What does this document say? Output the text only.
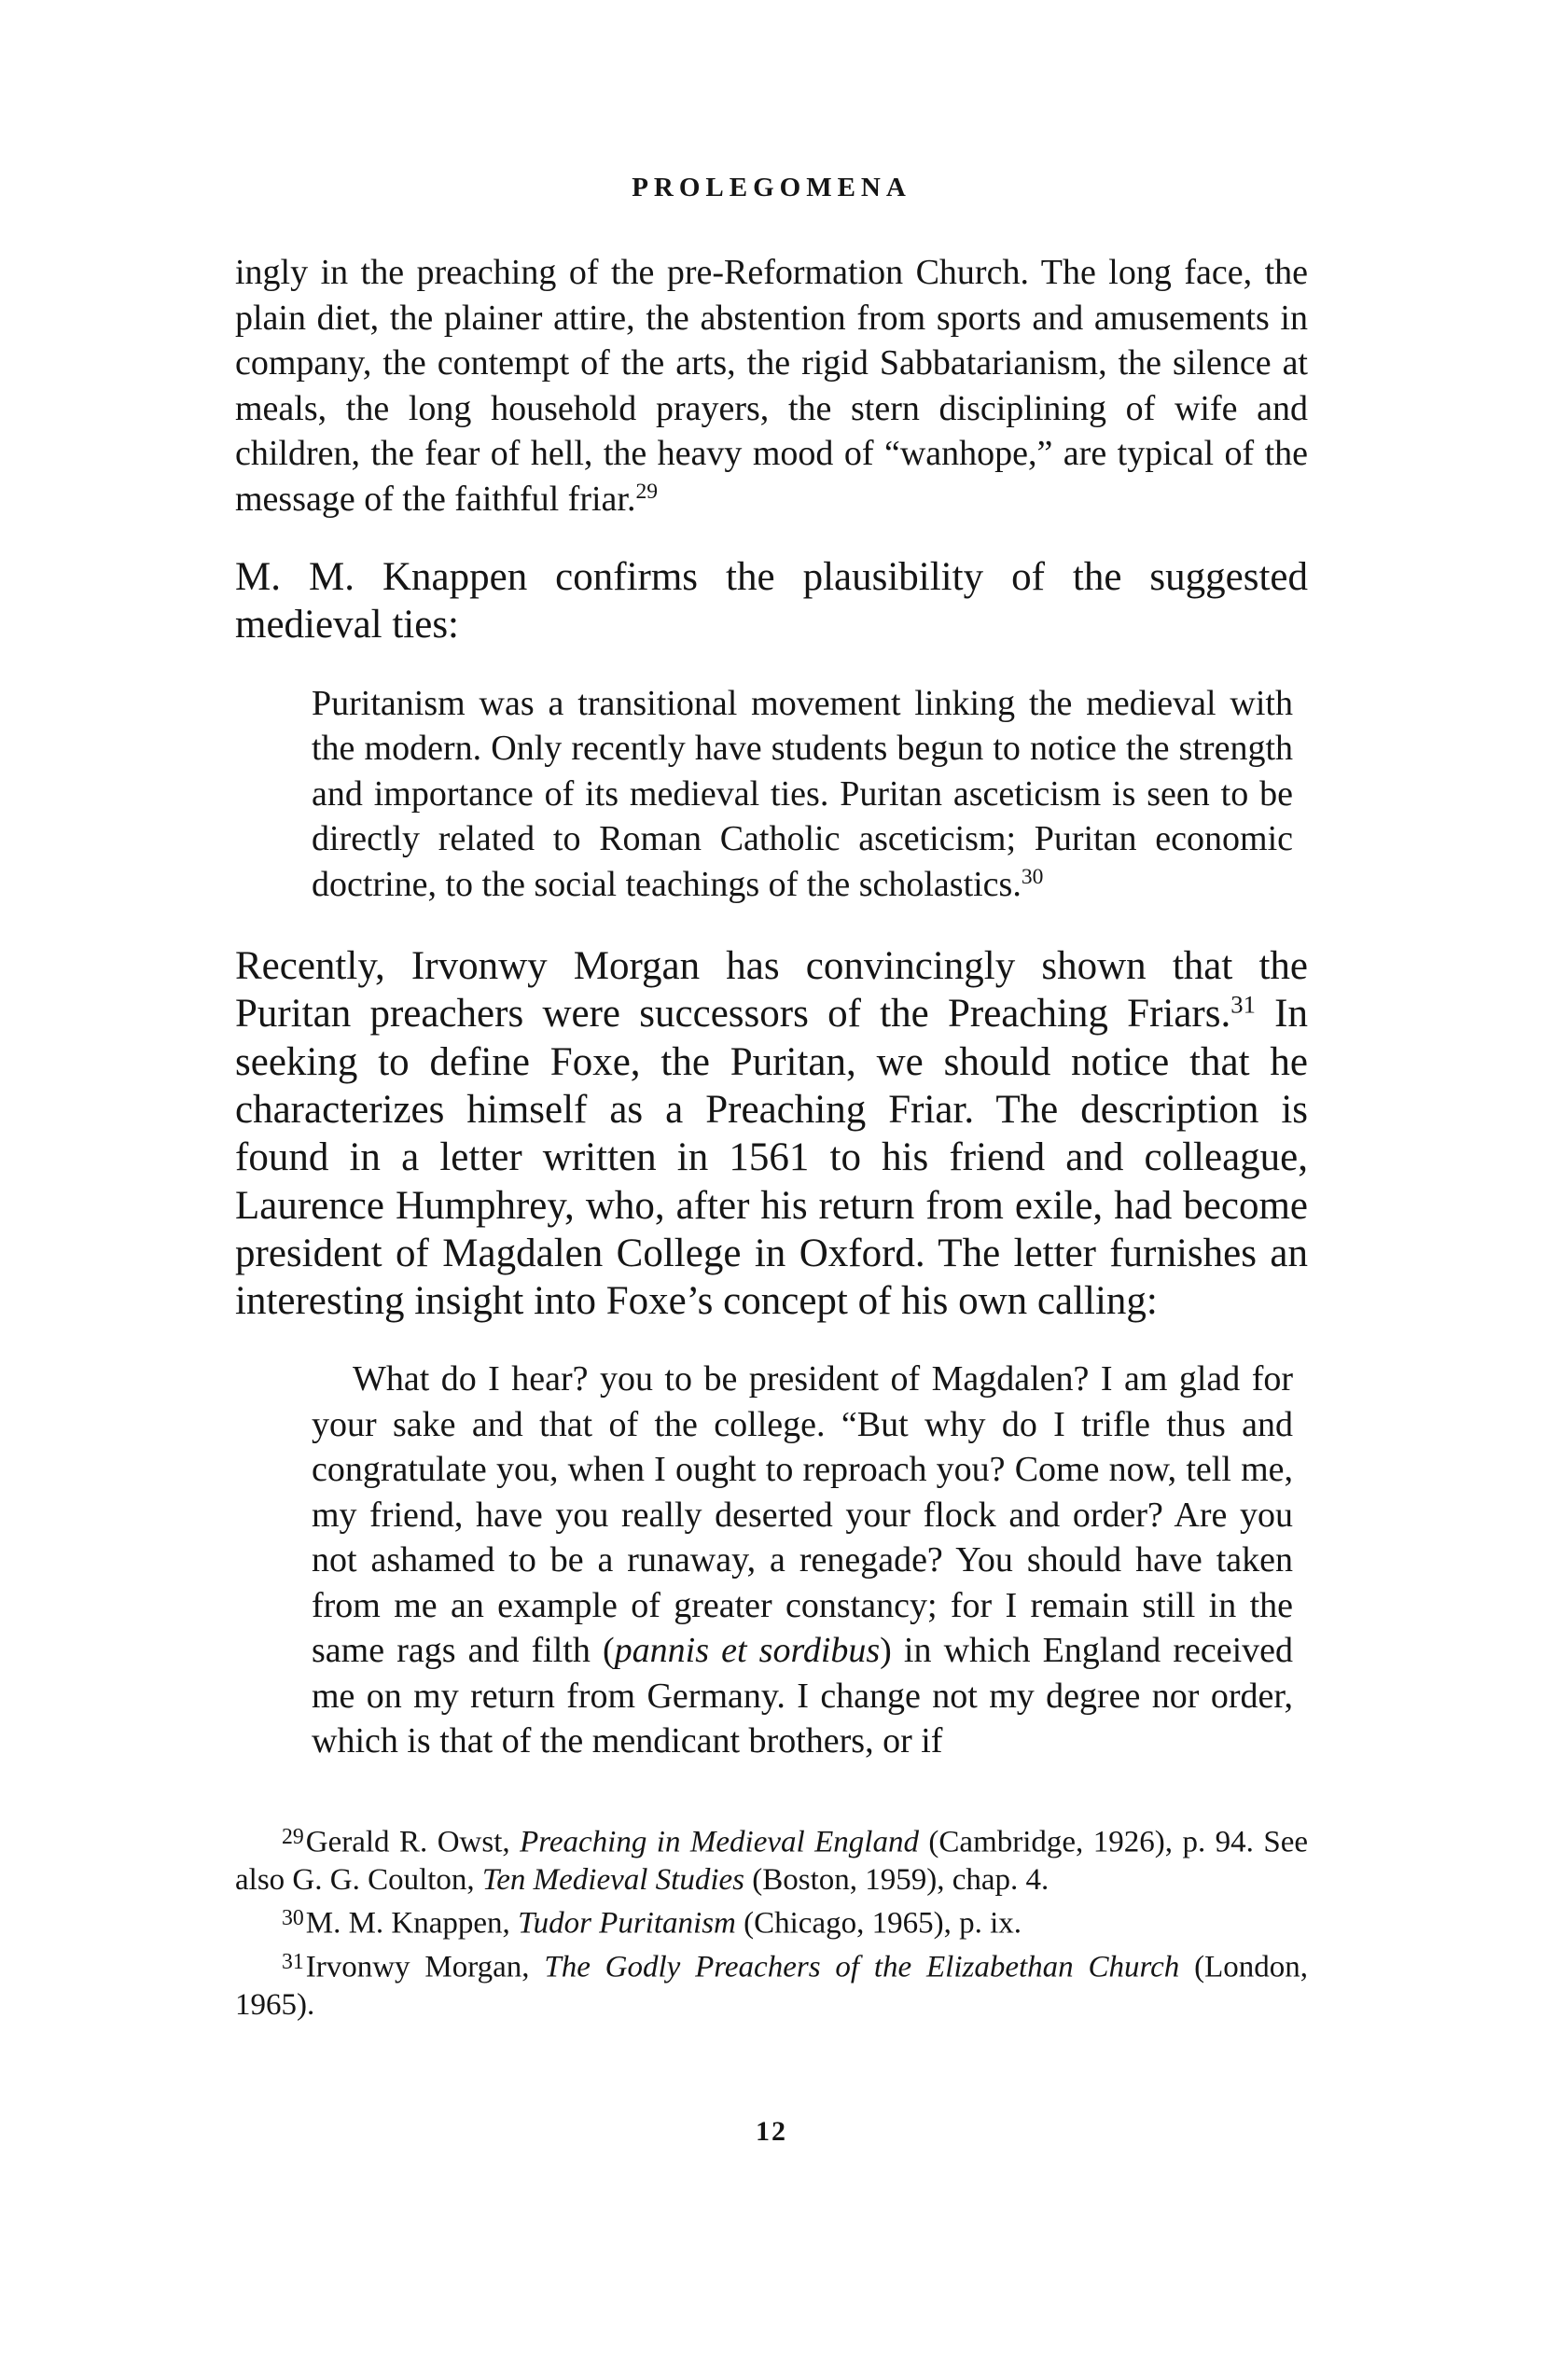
PROLEGOMENA

ingly in the preaching of the pre-Reformation Church. The long face, the plain diet, the plainer attire, the abstention from sports and amusements in company, the contempt of the arts, the rigid Sabbatarianism, the silence at meals, the long household prayers, the stern disciplining of wife and children, the fear of hell, the heavy mood of “wanhope,” are typical of the message of the faithful friar.$^{29}$

M. M. Knappen confirms the plausibility of the suggested medieval ties:

Puritanism was a transitional movement linking the medieval with the modern. Only recently have students begun to notice the strength and importance of its medieval ties. Puritan asceticism is seen to be directly related to Roman Catholic asceticism; Puritan economic doctrine, to the social teachings of the scholastics.$^{30}$

Recently, Irvonwy Morgan has convincingly shown that the Puritan preachers were successors of the Preaching Friars.$^{31}$ In seeking to define Foxe, the Puritan, we should notice that he characterizes himself as a Preaching Friar. The description is found in a letter written in 1561 to his friend and colleague, Laurence Humphrey, who, after his return from exile, had become president of Magdalen College in Oxford. The letter furnishes an interesting insight into Foxe’s concept of his own calling:

What do I hear? you to be president of Magdalen? I am glad for your sake and that of the college. “But why do I trifle thus and congratulate you, when I ought to reproach you? Come now, tell me, my friend, have you really deserted your flock and order? Are you not ashamed to be a runaway, a renegade? You should have taken from me an example of greater constancy; for I remain still in the same rags and filth (pannis et sordibus) in which England received me on my return from Germany. I change not my degree nor order, which is that of the mendicant brothers, or if

$^{29}$Gerald R. Owst, Preaching in Medieval England (Cambridge, 1926), p. 94. See also G. G. Coulton, Ten Medieval Studies (Boston, 1959), chap. 4.

$^{30}$M. M. Knappen, Tudor Puritanism (Chicago, 1965), p. ix.

$^{31}$Irvonwy Morgan, The Godly Preachers of the Elizabethan Church (London, 1965).

12
